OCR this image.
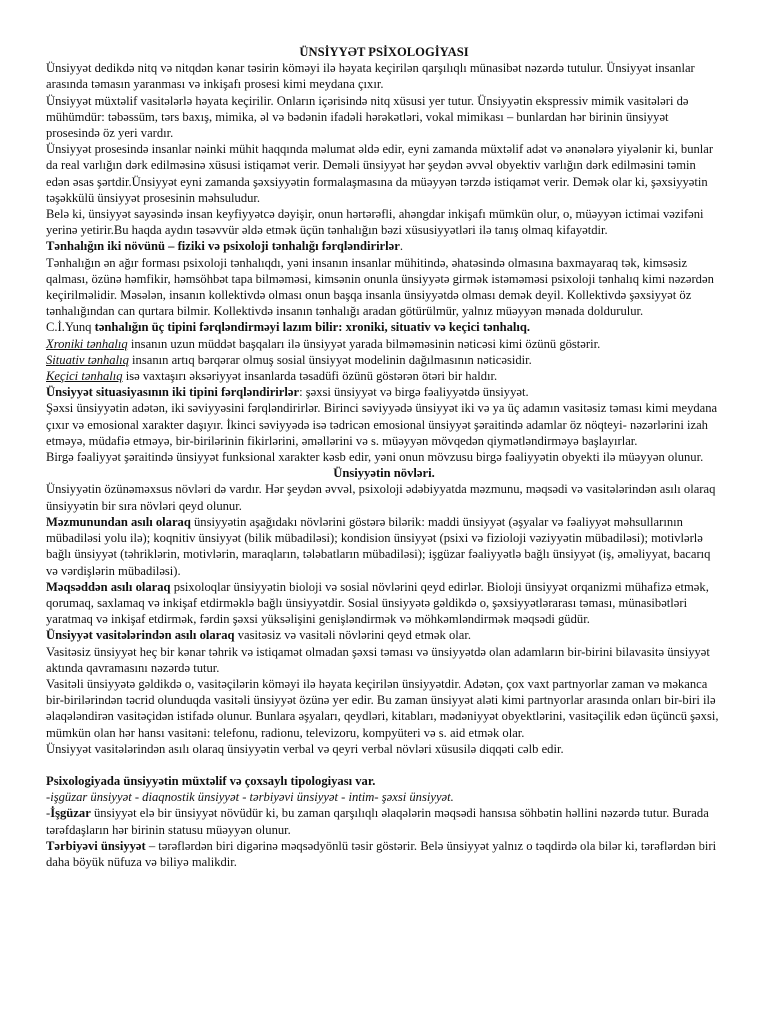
ÜNSİYYƏT PSİXOLOGİYASI

Ünsiyyət dedikdə nitq və nitqdən kənar təsirin köməyi ilə həyata keçirilən qarşılıqlı münasibət nəzərdə tutulur. Ünsiyyət insanlar arasında təmasın yaranması və inkişafı prosesi kimi meydana çıxır.

Ünsiyyət müxtəlif vasitələrlə həyata keçirilir. Onların içərisində nitq xüsusi yer tutur. Ünsiyyətin ekspressiv mimik vasitələri də mühümdür: təbəssüm, tərs baxış, mimika, əl və bədənin ifadəli hərəkətləri, vokal mimikası – bunlardan hər birinin ünsiyyət prosesində öz yeri vardır.

Ünsiyyət prosesində insanlar nəinki mühit haqqında məlumat əldə edir, eyni zamanda müxtəlif adət və ənənələrə yiyələnir ki, bunlar da real varlığın dərk edilməsinə xüsusi istiqamət verir. Deməli ünsiyyət hər şeydən əvvəl obyektiv varlığın dərk edilməsini təmin edən əsas şərtdir.Ünsiyyət eyni zamanda şəxsiyyətin formalaşmasına da müəyyən tərzdə istiqamət verir. Demək olar ki, şəxsiyyətin təşəkkülü ünsiyyət prosesinin məhsuludur.

Belə ki, ünsiyyət sayəsində insan keyfiyyətcə dəyişir, onun hərtərəfli, ahəngdar inkişafı mümkün olur, o, müəyyən ictimai vəzifəni yerinə yetirir.Bu haqda aydın təsəvvür əldə etmək üçün tənhalığın bəzi xüsusiyyətləri ilə tanış olmaq kifayətdir.

Tənhalığın iki növünü – fiziki və psixoloji tənhalığı fərqləndirirlər.

Tənhalığın ən ağır forması psixoloji tənhalıqdı, yəni insanın insanlar mühitində, əhatəsində olmasına baxmayaraq tək, kimsəsiz qalması, özünə həmfikir, həmsöhbət tapa bilməməsi, kimsənin onunla ünsiyyətə girmək istəməməsi psixoloji tənhalıq kimi nəzərdən keçirilməlidir. Məsələn, insanın kollektivdə olması onun başqa insanla ünsiyyətdə olması demək deyil. Kollektivdə şəxsiyyət öz tənhalığından can qurtara bilmir. Kollektivdə insanın tənhalığı aradan götürülmür, yalnız müəyyən mənada doldurulur.

C.İ.Yunq tənhalığın üç tipini fərqləndirməyi lazım bilir: xroniki, situativ və keçici tənhalıq.

Xroniki tənhalıq insanın uzun müddət başqaları ilə ünsiyyət yarada bilməməsinin nəticəsi kimi özünü göstərir.

Situativ tənhalıq insanın artıq bərqərar olmuş sosial ünsiyyət modelinin dağılmasının nəticəsidir.

Keçici tənhalıq isə vaxtaşırı əksəriyyət insanlarda təsadüfi özünü göstərən ötəri bir haldır.

Ünsiyyət situasiyasının iki tipini fərqləndirirlər: şəxsi ünsiyyət və birgə fəaliyyətdə ünsiyyət.

Şəxsi ünsiyyətin adətən, iki səviyyəsini fərqləndirirlər. Birinci səviyyədə ünsiyyət iki və ya üç adamın vasitəsiz təması kimi meydana çıxır və emosional xarakter daşıyır. İkinci səviyyədə isə tədricən emosional ünsiyyət şəraitində adamlar öz nöqteyi- nəzərlərini izah etməyə, müdafiə etməyə, bir-birilərinin fikirlərini, əməllərini və s. müəyyən mövqedən qiymətləndirməyə başlayırlar.

Birgə fəaliyyət şəraitində ünsiyyət funksional xarakter kəsb edir, yəni onun mövzusu birgə fəaliyyətin obyekti ilə müəyyən olunur.

Ünsiyyətin növləri.

Ünsiyyətin özünəməxsus növləri də vardır. Hər şeydən əvvəl, psixoloji ədəbiyyatda məzmunu, məqsədi və vasitələrindən asılı olaraq ünsiyyətin bir sıra növləri qeyd olunur.

Məzmunundan asılı olaraq ünsiyyətin aşağıdakı növlərini göstərə bilərik: maddi ünsiyyət (əşyalar və fəaliyyət məhsullarının mübadiləsi yolu ilə); koqnitiv ünsiyyət (bilik mübadiləsi); kondision ünsiyyət (psixi və fizioloji vəziyyətin mübadiləsi); motivlərlə bağlı ünsiyyət (təhriklərin, motivlərin, maraqların, tələbatların mübadiləsi); işgüzar fəaliyyətlə bağlı ünsiyyət (iş, əməliyyat, bacarıq və vərdişlərin mübadiləsi).

Məqsəddən asılı olaraq psixoloqlar ünsiyyətin bioloji və sosial növlərini qeyd edirlər. Bioloji ünsiyyət orqanizmi mühafizə etmək, qorumaq, saxlamaq və inkişaf etdirməklə bağlı ünsiyyətdir. Sosial ünsiyyətə gəldikdə o, şəxsiyyətlərarası təması, münasibətləri yaratmaq və inkişaf etdirmək, fərdin şəxsi yüksəlişini genişləndirmək və möhkəmləndirmək məqsədi güdür.

Ünsiyyət vasitələrindən asılı olaraq vasitəsiz və vasitəli növlərini qeyd etmək olar.

Vasitəsiz ünsiyyət heç bir kənar təhrik və istiqamət olmadan şəxsi təması və ünsiyyətdə olan adamların bir-birini bilavasitə ünsiyyət aktında qavramasını nəzərdə tutur.

Vasitəli ünsiyyətə gəldikdə o, vasitəçilərin köməyi ilə həyata keçirilən ünsiyyətdir. Adətən, çox vaxt partnyorlar zaman və məkanca bir-birilərindən təcrid olunduqda vasitəli ünsiyyət özünə yer edir. Bu zaman ünsiyyət aləti kimi partnyorlar arasında onları bir-biri ilə əlaqələndirən vasitəçidən istifadə olunur. Bunlara əşyaları, qeydləri, kitabları, mədəniyyət obyektlərini, vasitəçilik edən üçüncü şəxsi, mümkün olan hər hansı vasitəni: telefonu, radionu, televizoru, kompyüteri və s. aid etmək olar.

Ünsiyyət vasitələrindən asılı olaraq ünsiyyətin verbal və qeyri verbal növləri xüsusilə diqqəti cəlb edir.

Psixologiyada ünsiyyətin müxtəlif və çoxsaylı tipologiyası var.

-işgüzar ünsiyyət - diaqnostik ünsiyyət - tərbiyəvi ünsiyyət - intim- şəxsi ünsiyyət.

-İşgüzar ünsiyyət elə bir ünsiyyət növüdür ki, bu zaman qarşılıqlı əlaqələrin məqsədi hansısa söhbətin həllini nəzərdə tutur. Burada tərəfdaşların hər birinin statusu müəyyən olunur.

Tərbiyəvi ünsiyyət – tərəflərdən biri digərinə məqsədyönlü təsir göstərir. Belə ünsiyyət yalnız o təqdirdə ola bilər ki, tərəflərdən biri daha böyük nüfuza və biliyə malikdir.
